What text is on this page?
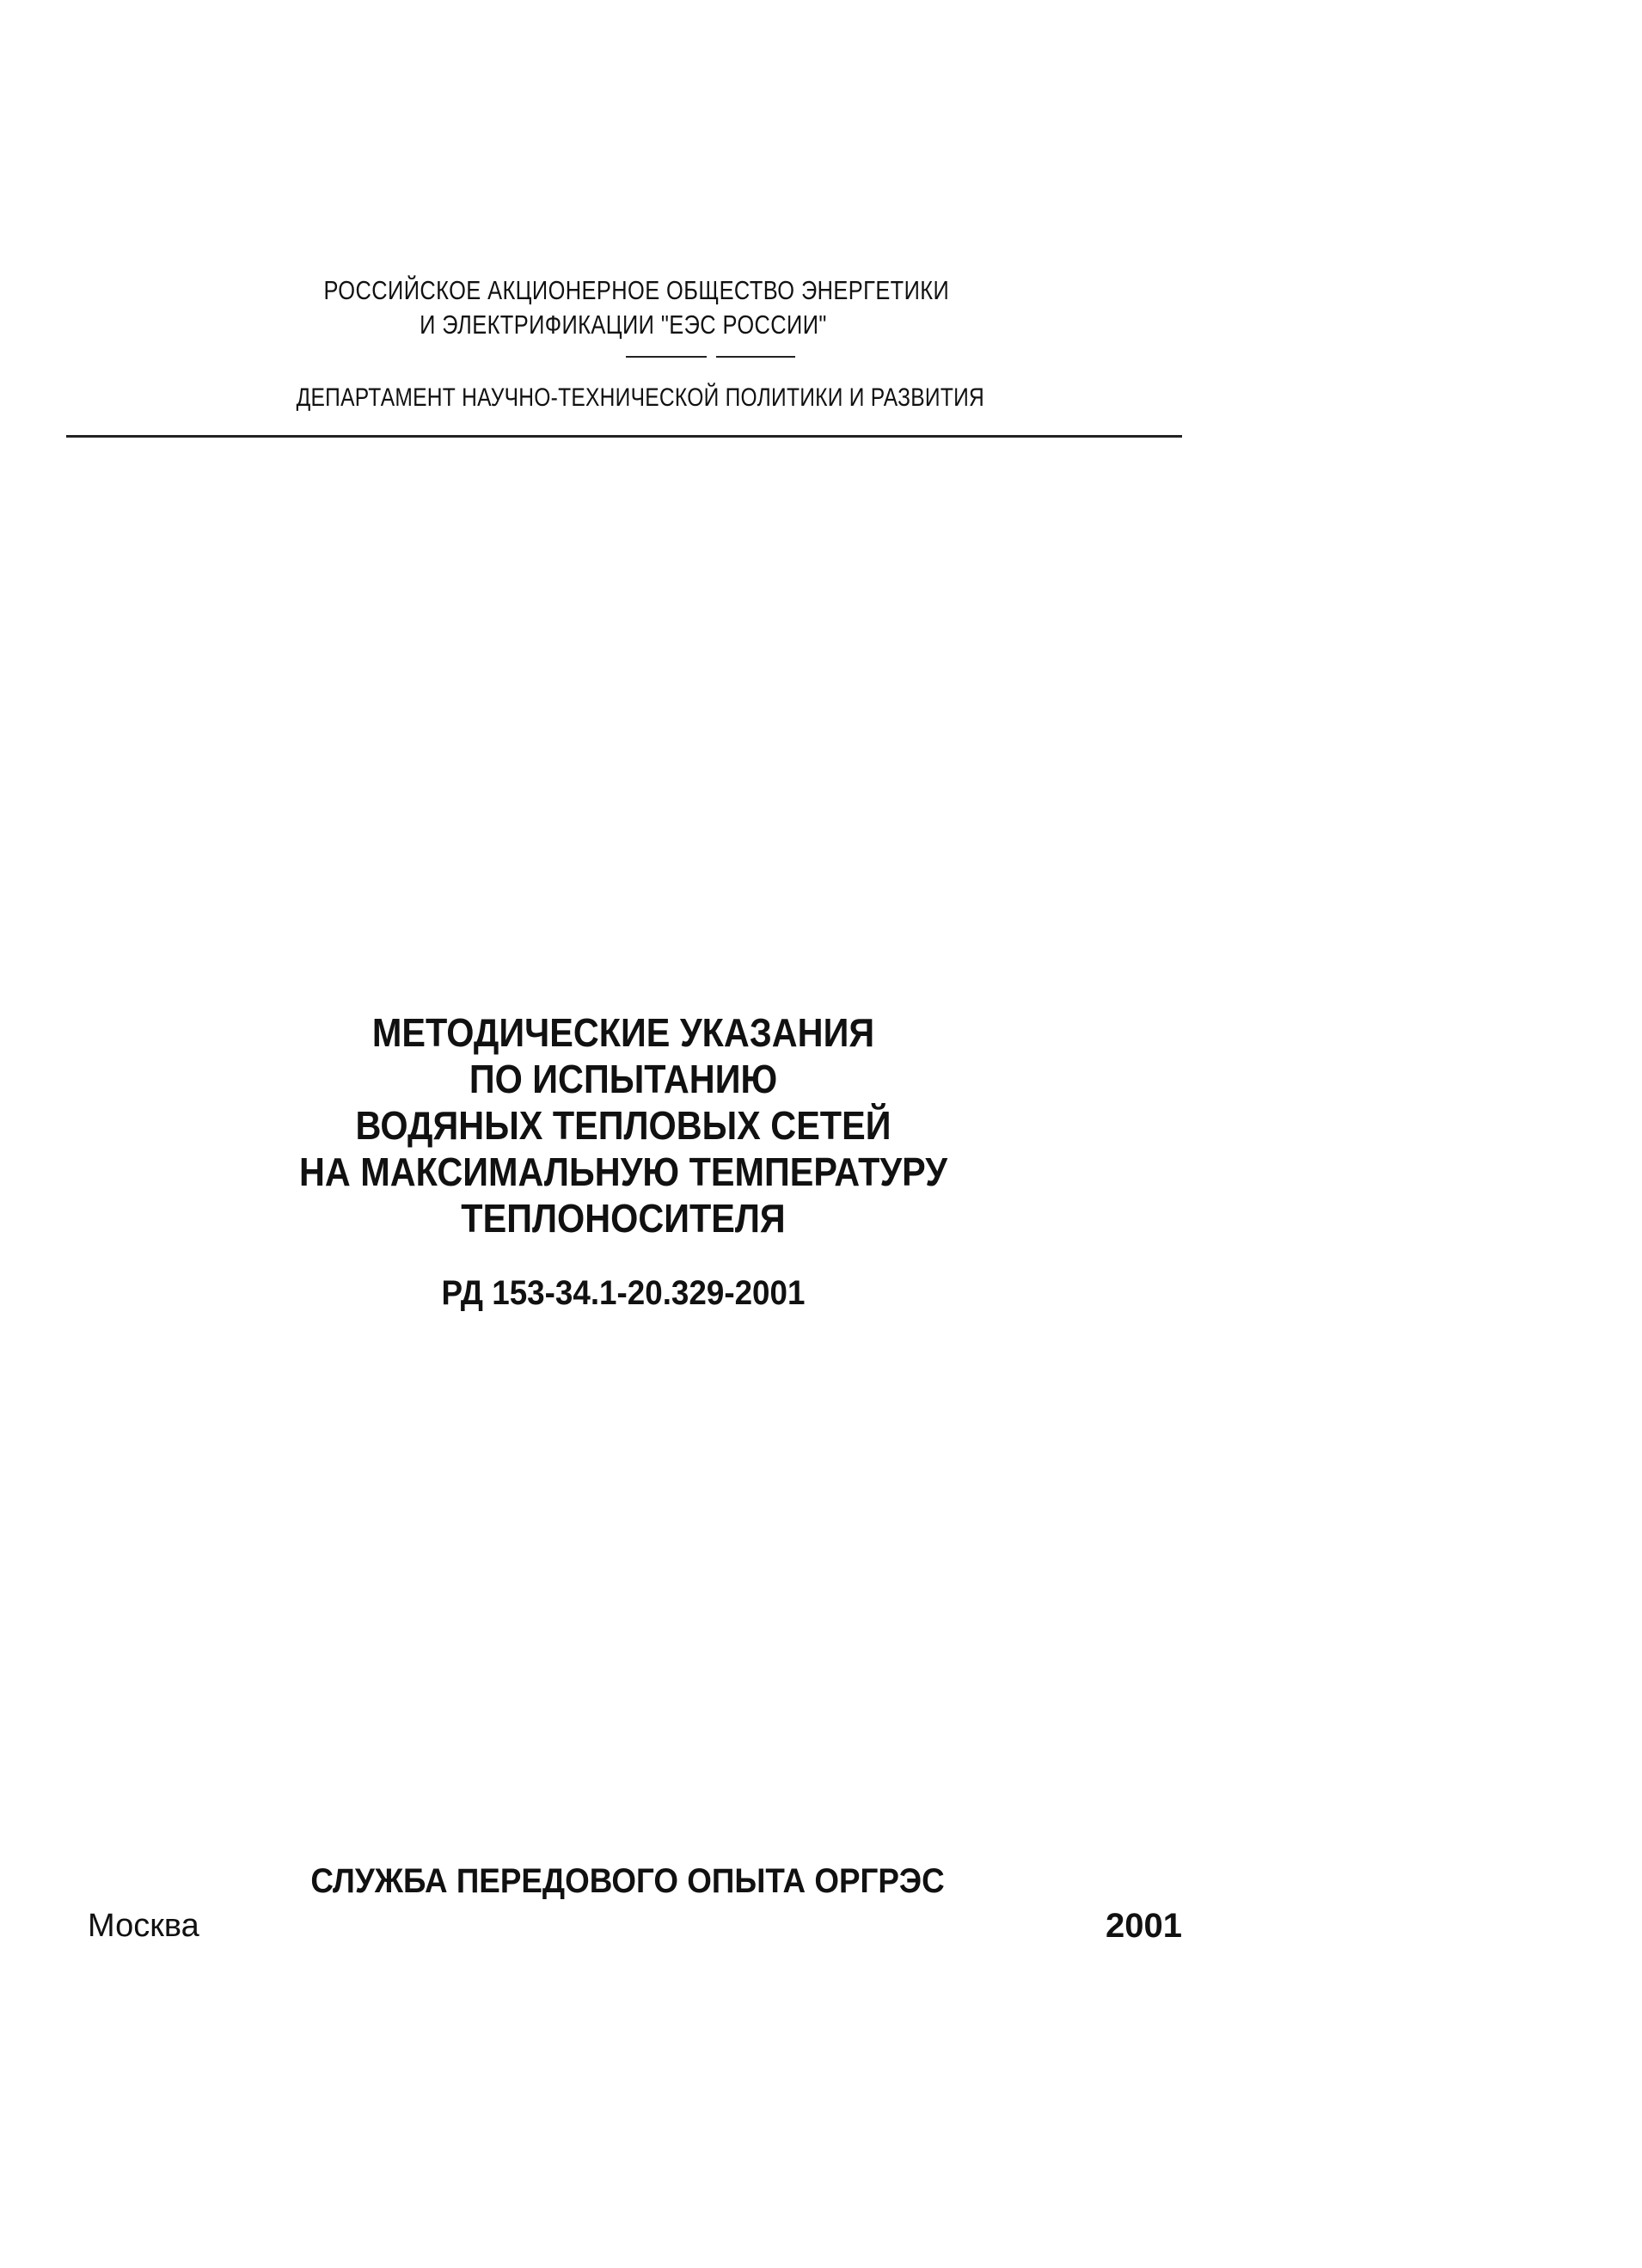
РОССИЙСКОЕ АКЦИОНЕРНОЕ ОБЩЕСТВО ЭНЕРГЕТИКИ
И ЭЛЕКТРИФИКАЦИИ "ЕЭС РОССИИ"
ДЕПАРТАМЕНТ НАУЧНО-ТЕХНИЧЕСКОЙ ПОЛИТИКИ И РАЗВИТИЯ
МЕТОДИЧЕСКИЕ УКАЗАНИЯ
ПО ИСПЫТАНИЮ
ВОДЯНЫХ ТЕПЛОВЫХ СЕТЕЙ
НА МАКСИМАЛЬНУЮ ТЕМПЕРАТУРУ
ТЕПЛОНОСИТЕЛЯ
РД 153-34.1-20.329-2001
СЛУЖБА ПЕРЕДОВОГО ОПЫТА ОРГРЭС
Москва	2001
